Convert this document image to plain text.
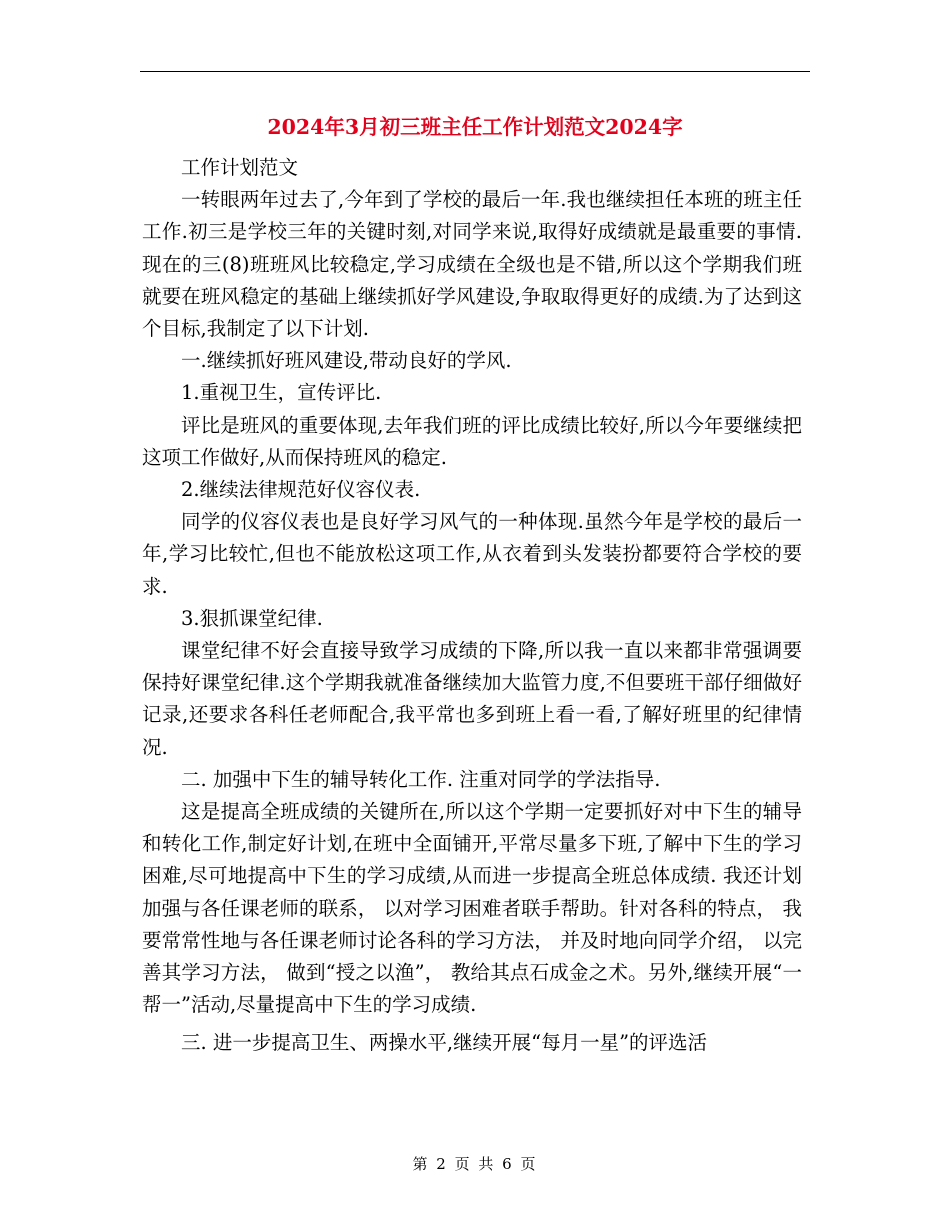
2024年3月初三班主任工作计划范文2024字

工作计划范文

一转眼两年过去了,今年到了学校的最后一年.我也继续担任本班的班主任工作.初三是学校三年的关键时刻,对同学来说,取得好成绩就是最重要的事情.现在的三(8)班班风比较稳定,学习成绩在全级也是不错,所以这个学期我们班就要在班风稳定的基础上继续抓好学风建设,争取取得更好的成绩.为了达到这个目标,我制定了以下计划.

一.继续抓好班风建设,带动良好的学风.

1.重视卫生，宣传评比.

评比是班风的重要体现,去年我们班的评比成绩比较好,所以今年要继续把这项工作做好,从而保持班风的稳定.

2.继续法律规范好仪容仪表.

同学的仪容仪表也是良好学习风气的一种体现.虽然今年是学校的最后一年,学习比较忙,但也不能放松这项工作,从衣着到头发装扮都要符合学校的要求.

3.狠抓课堂纪律.

课堂纪律不好会直接导致学习成绩的下降,所以我一直以来都非常强调要保持好课堂纪律.这个学期我就准备继续加大监管力度,不但要班干部仔细做好记录,还要求各科任老师配合,我平常也多到班上看一看,了解好班里的纪律情况.

二. 加强中下生的辅导转化工作. 注重对同学的学法指导.

这是提高全班成绩的关键所在,所以这个学期一定要抓好对中下生的辅导和转化工作,制定好计划,在班中全面铺开,平常尽量多下班,了解中下生的学习困难,尽可地提高中下生的学习成绩,从而进一步提高全班总体成绩. 我还计划加强与各任课老师的联系， 以对学习困难者联手帮助。针对各科的特点， 我要常常性地与各任课老师讨论各科的学习方法， 并及时地向同学介绍， 以完善其学习方法， 做到“授之以渔”， 教给其点石成金之术。另外,继续开展“一帮一”活动,尽量提高中下生的学习成绩.

三. 进一步提高卫生、两操水平,继续开展“每月一星”的评选活

第 2 页 共 6 页
